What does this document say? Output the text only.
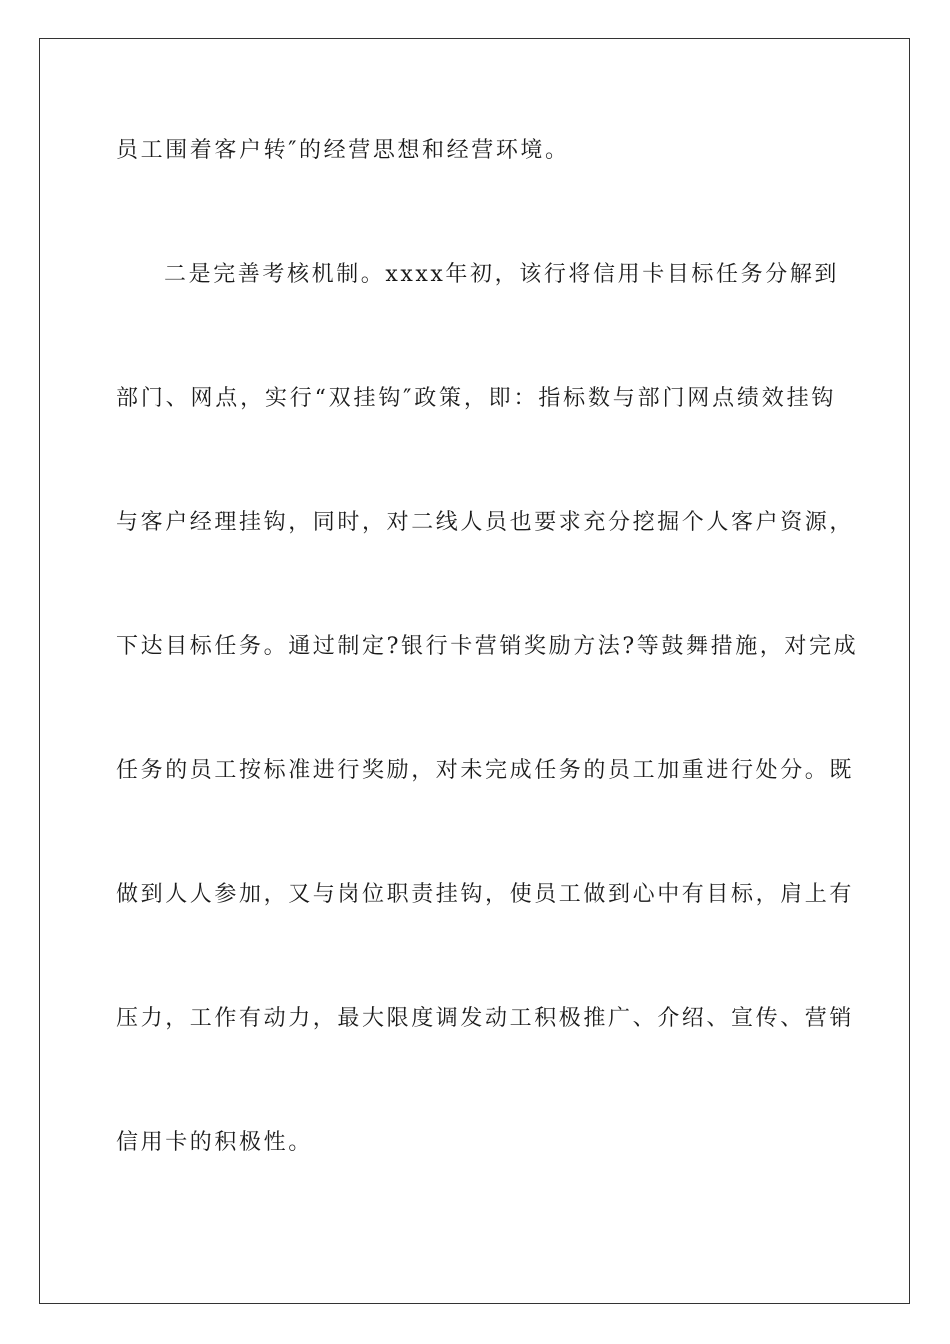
员工围着客户转″的经营思想和经营环境。
二是完善考核机制。xxxx年初，该行将信用卡目标任务分解到
部门、网点，实行“双挂钩″政策，即：指标数与部门网点绩效挂钩
与客户经理挂钩，同时，对二线人员也要求充分挖掘个人客户资源，
下达目标任务。通过制定?银行卡营销奖励方法?等鼓舞措施，对完成
任务的员工按标准进行奖励，对未完成任务的员工加重进行处分。既
做到人人参加，又与岗位职责挂钩，使员工做到心中有目标，肩上有
压力，工作有动力，最大限度调发动工积极推广、介绍、宣传、营销
信用卡的积极性。
